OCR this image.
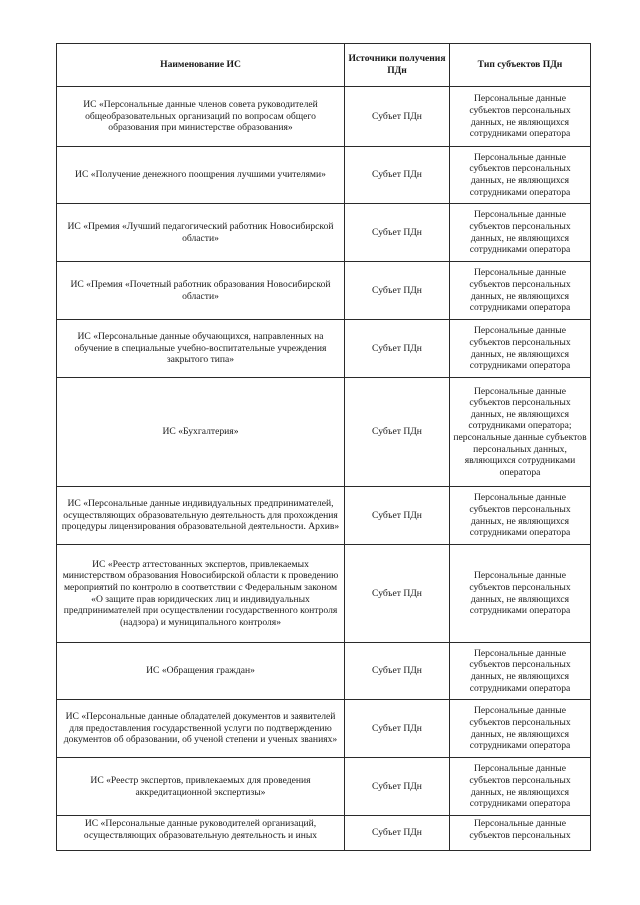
Наименование ИС	Источники получения ПДн	Тип субъектов ПДн
ИС «Персональные данные членов совета руководителей общеобразовательных организаций по вопросам общего образования при министерстве образования»	Субъет ПДн	Персональные данные субъектов персональных данных, не являющихся сотрудниками оператора
ИС «Получение денежного поощрения лучшими учителями»	Субъет ПДн	Персональные данные субъектов персональных данных, не являющихся сотрудниками оператора
ИС «Премия «Лучший педагогический работник Новосибирской области»	Субъет ПДн	Персональные данные субъектов персональных данных, не являющихся сотрудниками оператора
ИС «Премия «Почетный работник образования Новосибирской области»	Субъет ПДн	Персональные данные субъектов персональных данных, не являющихся сотрудниками оператора
ИС «Персональные данные обучающихся, направленных на обучение в специальные учебно-воспитательные учреждения закрытого типа»	Субъет ПДн	Персональные данные субъектов персональных данных, не являющихся сотрудниками оператора
ИС «Бухгалтерия»	Субъет ПДн	Персональные данные субъектов персональных данных, не являющихся сотрудниками оператора; персональные данные субъектов персональных данных, являющихся сотрудниками оператора
ИС «Персональные данные индивидуальных предпринимателей, осуществляющих образовательную деятельность для прохождения процедуры лицензирования образовательной деятельности. Архив»	Субъет ПДн	Персональные данные субъектов персональных данных, не являющихся сотрудниками оператора
ИС «Реестр аттестованных экспертов, привлекаемых министерством образования Новосибирской области к проведению мероприятий по контролю в соответствии с Федеральным законом «О защите прав юридических лиц и индивидуальных предпринимателей при осуществлении государственного контроля (надзора) и муниципального контроля»	Субъет ПДн	Персональные данные субъектов персональных данных, не являющихся сотрудниками оператора
ИС «Обращения граждан»	Субъет ПДн	Персональные данные субъектов персональных данных, не являющихся сотрудниками оператора
ИС «Персональные данные обладателей документов и заявителей для предоставления государственной услуги по подтверждению документов об образовании, об ученой степени и ученых званиях»	Субъет ПДн	Персональные данные субъектов персональных данных, не являющихся сотрудниками оператора
ИС «Реестр экспертов, привлекаемых для проведения аккредитационной экспертизы»	Субъет ПДн	Персональные данные субъектов персональных данных, не являющихся сотрудниками оператора

ИС «Персональные данные руководителей организаций, осуществляющих образовательную деятельность и иных	Субъет ПДн	Персональные данные субъектов персональных
